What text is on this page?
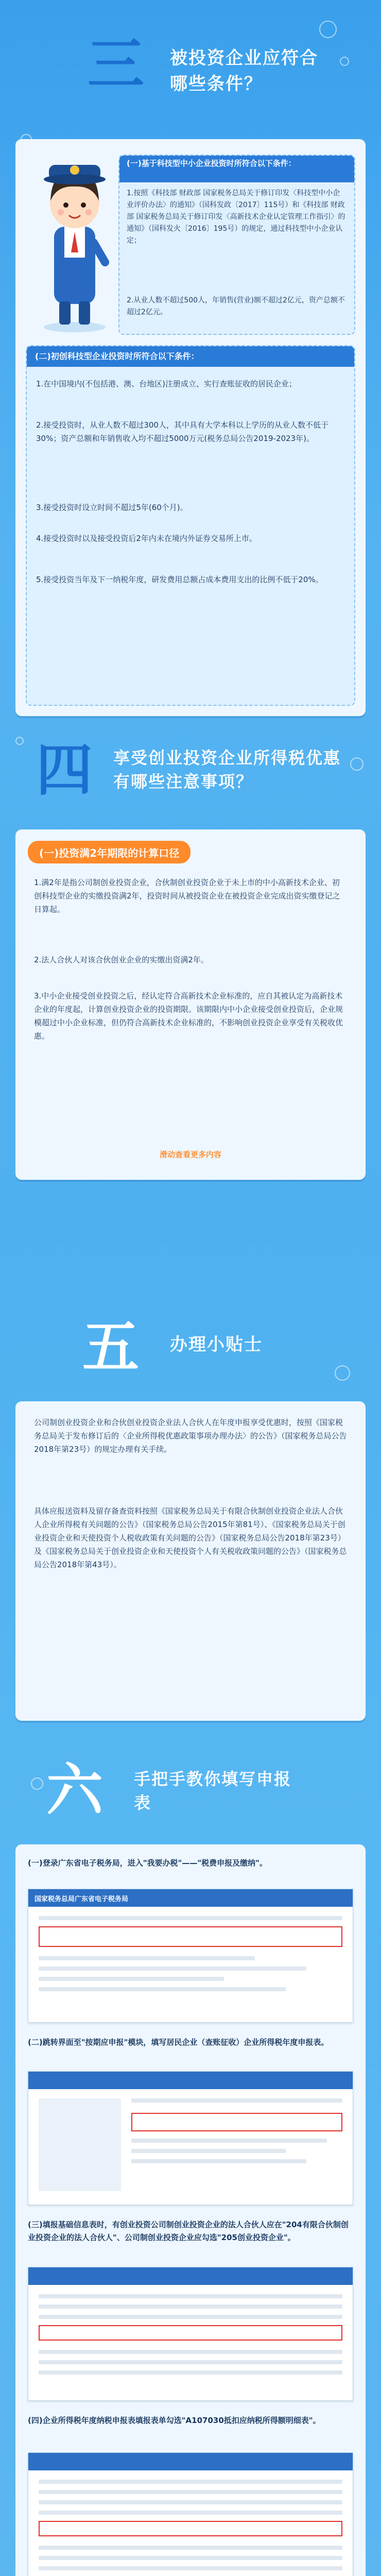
三 被投资企业应符合哪些条件？
(一)基于科技型中小企业投资时所符合以下条件：
1.按照《科技部 财政部 国家税务总局关于修订印发〈科技型中小企业评价办法〉的通知》（国科发政〔2017〕115号）和《科技部 财政部 国家税务总局关于修订印发〈高新技术企业认定管理工作指引〉的通知》（国科发火〔2016〕195号）的规定，通过科技型中小企业认定；
2.从业人数不超过500人，年销售(营业)额不超过2亿元，资产总额不超过2亿元。
(二)初创科技型企业投资时所符合以下条件：
1.在中国境内(不包括港、澳、台地区)注册成立、实行查账征收的居民企业；
2.接受投资时，从业人数不超过300人，其中具有大学本科以上学历的从业人数不低于30%；资产总额和年销售收入均不超过5000万元(税务总局公告2019-2023年)。
3.接受投资时设立时间不超过5年(60个月)。
4.接受投资时以及接受投资后2年内未在境内外证券交易所上市。
5.接受投资当年及下一纳税年度，研发费用总额占成本费用支出的比例不低于20%。
四 享受创业投资企业所得税优惠有哪些注意事项？
(一)投资满2年期限的计算口径
1.满2年是指公司制创业投资企业，合伙制创业投资企业于未上市的中小高新技术企业、初创科技型企业的实缴投资满2年，投资时间从被投资企业在被投资企业完成出资实缴登记之日算起。
2.法人合伙人对该合伙创业企业的实缴出资满2年。
3.中小企业接受创业投资之后，经认定符合高新技术企业标准的，应自其被认定为高新技术企业的年度起，计算创业投资企业的投资期限。该期限内中小企业接受创业投资后，企业规模超过中小企业标准，但仍符合高新技术企业标准的，不影响创业投资企业享受有关税收优惠。
滑动查看更多内容
五 办理小贴士
公司制创业投资企业和合伙创业投资企业法人合伙人在年度申报享受优惠时，按照《国家税务总局关于发布修订后的〈企业所得税优惠政策事项办理办法〉的公告》（国家税务总局公告2018年第23号）的规定办理有关手续。
具体应报送资料及留存备查资料按照《国家税务总局关于有限合伙制创业投资企业法人合伙人企业所得税有关问题的公告》（国家税务总局公告2015年第81号）、《国家税务总局关于创业投资企业和天使投资个人税收政策有关问题的公告》（国家税务总局公告2018年第23号）及《国家税务总局关于创业投资企业和天使投资个人有关税收政策问题的公告》（国家税务总局公告2018年第43号）。
六 手把手教你填写申报表
(一)登录广东省电子税务局，进入"我要办税"——"税费申报及缴纳"。
国家税务总局广东省电子税务局
(二)跳转界面至"按期应申报"模块，填写居民企业（查账征收）企业所得税年度申报表。
(三)填报基础信息表时，有创业投资公司制创业投资企业的法人合伙人应在"204有限合伙制创业投资企业的法人合伙人"、公司制创业投资企业应勾选"205创业投资企业"。
(四)企业所得税年度纳税申报表填报表单勾选"A107030抵扣应纳税所得额明细表"。
